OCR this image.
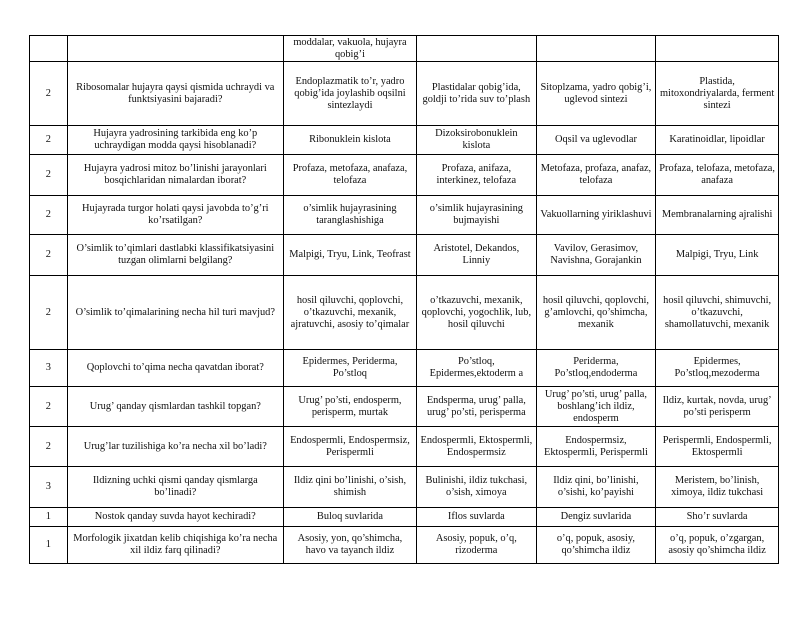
		moddalar, vakuola, hujayra qobig’i			
2	Ribosomalar hujayra qaysi qismida uchraydi va funktsiyasini bajaradi?	Endoplazmatik to’r, yadro qobig’ida joylashib oqsilni sintezlaydi	Plastidalar qobig’ida, goldji to’rida suv to’plash	Sitoplzama, yadro qobig’i, uglevod sintezi	Plastida, mitoxondriyalarda, ferment sintezi
2	Hujayra yadrosining tarkibida eng ko’p uchraydigan modda qaysi hisoblanadi?	Ribonuklein kislota	Dizoksirobonuklein kislota	Oqsil va uglevodlar	Karatinoidlar, lipoidlar
2	Hujayra yadrosi mitoz bo’linishi jarayonlari bosqichlaridan nimalardan iborat?	Profaza, metofaza, anafaza, telofaza	Profaza, anifaza, interkinez, telofaza	Metofaza, profaza, anafaz, telofaza	Profaza, telofaza, metofaza, anafaza
2	Hujayrada turgor holati qaysi javobda to’g’ri ko’rsatilgan?	o’simlik hujayrasining taranglashishiga	o’simlik hujayrasining bujmayishi	Vakuollarning yiriklashuvi	Membranalarning ajralishi
2	O’simlik to’qimlari dastlabki klassifikatsiyasini tuzgan olimlarni belgilang?	Malpigi, Tryu, Link, Teofrast	Aristotel, Dekandos, Linniy	Vavilov, Gerasimov, Navishna, Gorajankin	Malpigi, Tryu, Link
2	O’simlik to’qimalarining necha hil turi mavjud?	hosil qiluvchi, qoplovchi, o’tkazuvchi, mexanik, ajratuvchi, asosiy to’qimalar	o’tkazuvchi, mexanik, qoplovchi, yogochlik, lub, hosil qiluvchi	hosil qiluvchi, qoplovchi, g’amlovchi, qo’shimcha, mexanik	hosil qiluvchi, shimuvchi, o’tkazuvchi, shamollatuvchi, mexanik
3	Qoplovchi to’qima necha qavatdan iborat?	Epidermes, Periderma, Po’stloq	Po’stloq, Epidermes,ektoderm a	Periderma, Po’stloq,endoderma	Epidermes, Po’stloq,mezoderma
2	Urug’ qanday qismlardan tashkil topgan?	Urug’ po’sti, endosperm, perisperm, murtak	Endsperma, urug’ palla, urug’ po’sti, perisperma	Urug’ po’sti, urug’ palla, boshlang’ich ildiz, endosperm	Ildiz, kurtak, novda, urug’ po’sti perisperm
2	Urug’lar tuzilishiga ko’ra necha xil bo’ladi?	Endospermli, Endospermsiz, Perispermli	Endospermli, Ektospermli, Endospermsiz	Endospermsiz, Ektospermli, Perispermli	Perispermli, Endospermli, Ektospermli
3	Ildizning uchki qismi qanday qismlarga bo’linadi?	Ildiz qini bo’linishi, o’sish, shimish	Bulinishi, ildiz tukchasi, o’sish, ximoya	Ildiz qini, bo’linishi, o’sishi, ko’payishi	Meristem, bo’linish, ximoya, ildiz tukchasi
1	Nostok qanday suvda hayot kechiradi?	Buloq suvlarida	Iflos suvlarda	Dengiz suvlarida	Sho’r suvlarda
1	Morfologik jixatdan kelib chiqishiga ko’ra necha xil ildiz farq qilinadi?	Asosiy, yon, qo’shimcha, havo va tayanch ildiz	Asosiy, popuk, o’q, rizoderma	o’q, popuk, asosiy, qo’shimcha ildiz	o’q, popuk, o’zgargan, asosiy qo’shimcha ildiz
